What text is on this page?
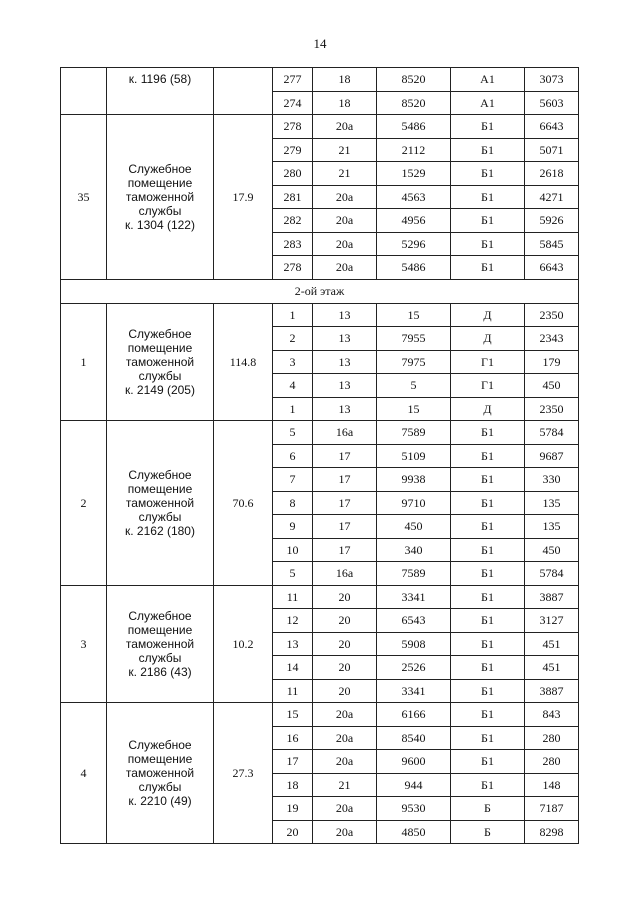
14

	к. 1196 (58)		277	18	8520	А1	3073
			274	18	8520	А1	5603
35	Служебное
помещение
таможенной
службы
к. 1304 (122)	17.9	278	20а	5486	Б1	6643
			279	21	2112	Б1	5071
			280	21	1529	Б1	2618
			281	20а	4563	Б1	4271
			282	20а	4956	Б1	5926
			283	20а	5296	Б1	5845
			278	20а	5486	Б1	6643
2-ой этаж							
1	Служебное
помещение
таможенной
службы
к. 2149 (205)	114.8	1	13	15	Д	2350
			2	13	7955	Д	2343
			3	13	7975	Г1	179
			4	13	5	Г1	450
			1	13	15	Д	2350
2	Служебное
помещение
таможенной
службы
к. 2162 (180)	70.6	5	16а	7589	Б1	5784
			6	17	5109	Б1	9687
			7	17	9938	Б1	330
			8	17	9710	Б1	135
			9	17	450	Б1	135
			10	17	340	Б1	450
			5	16а	7589	Б1	5784
3	Служебное
помещение
таможенной
службы
к. 2186 (43)	10.2	11	20	3341	Б1	3887
			12	20	6543	Б1	3127
			13	20	5908	Б1	451
			14	20	2526	Б1	451
			11	20	3341	Б1	3887
4	Служебное
помещение
таможенной
службы
к. 2210 (49)	27.3	15	20а	6166	Б1	843
			16	20а	8540	Б1	280
			17	20а	9600	Б1	280
			18	21	944	Б1	148
			19	20а	9530	Б	7187
			20	20а	4850	Б	8298
